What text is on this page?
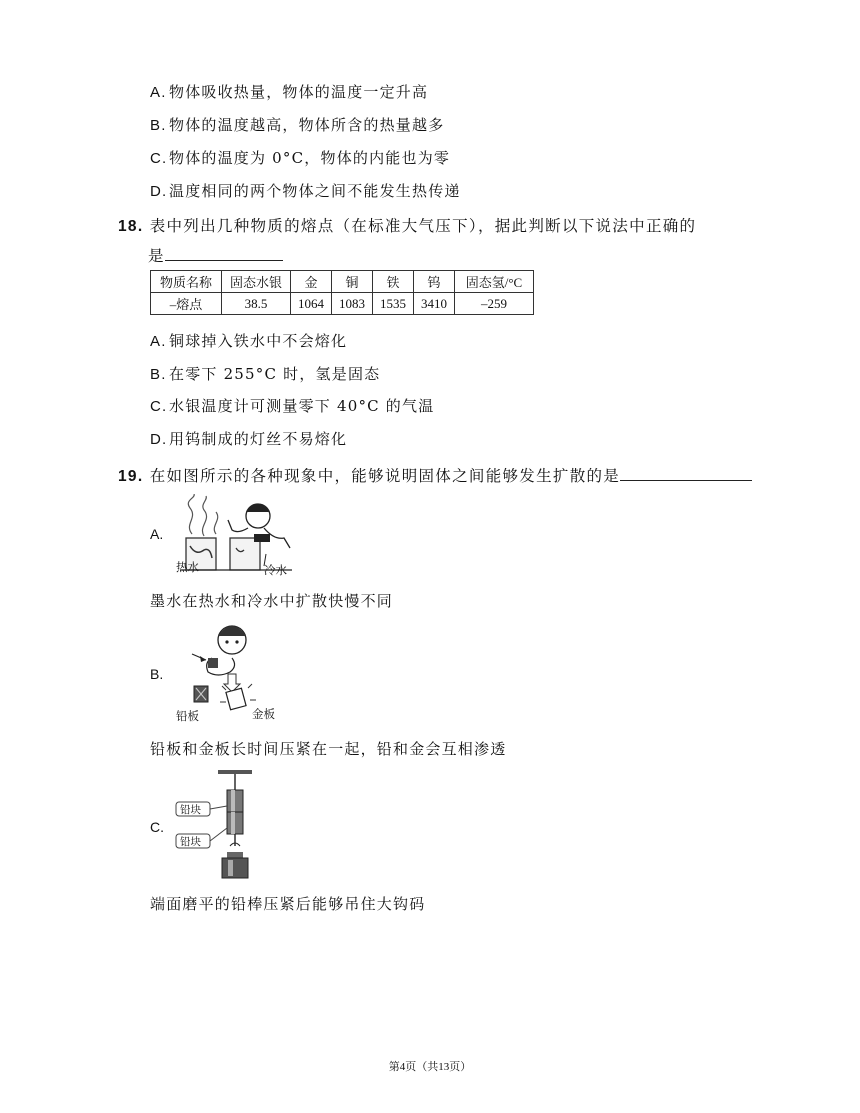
A. 物体吸收热量，物体的温度一定升高
B. 物体的温度越高，物体所含的热量越多
C. 物体的温度为 0°C，物体的内能也为零
D. 温度相同的两个物体之间不能发生热传递
18. 表中列出几种物质的熔点（在标准大气压下），据此判断以下说法中正确的
是
物质名称	固态水银	金	铜	铁	钨	固态氢/°C
–熔点	38.5	1064	1083	1535	3410	–259
A. 铜球掉入铁水中不会熔化
B. 在零下 255°C 时，氢是固态
C. 水银温度计可测量零下 40°C 的气温
D. 用钨制成的灯丝不易熔化
19. 在如图所示的各种现象中，能够说明固体之间能够发生扩散的是
A.
热水	冷水
墨水在热水和冷水中扩散快慢不同
B.
铅板	金板
铅板和金板长时间压紧在一起，铅和金会互相渗透
C.
铅块
铅块
端面磨平的铅棒压紧后能够吊住大钩码
第4页（共13页）
